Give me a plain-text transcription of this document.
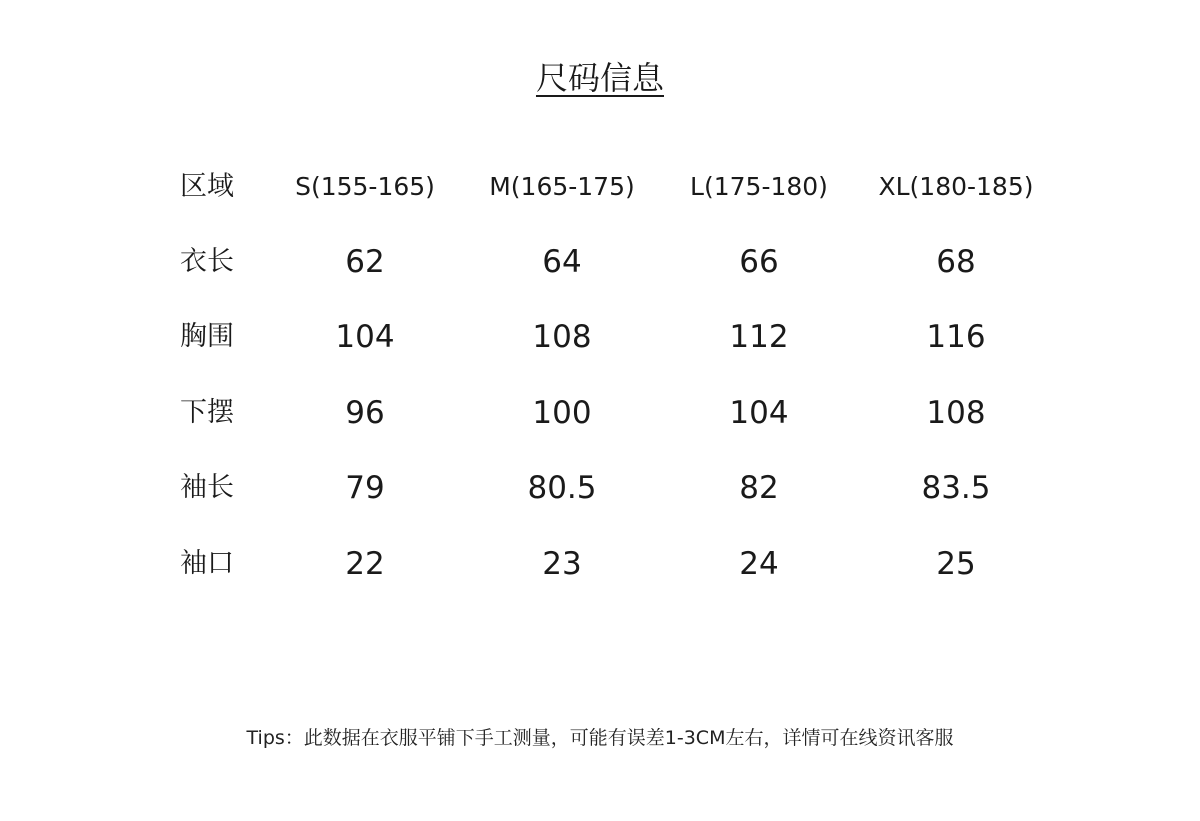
尺码信息
区域	S(155-165)	M(165-175)	L(175-180)	XL(180-185)
衣长	62	64	66	68
胸围	104	108	112	116
下摆	96	100	104	108
袖长	79	80.5	82	83.5
袖口	22	23	24	25
Tips：此数据在衣服平铺下手工测量，可能有误差1-3CM左右，详情可在线资讯客服
